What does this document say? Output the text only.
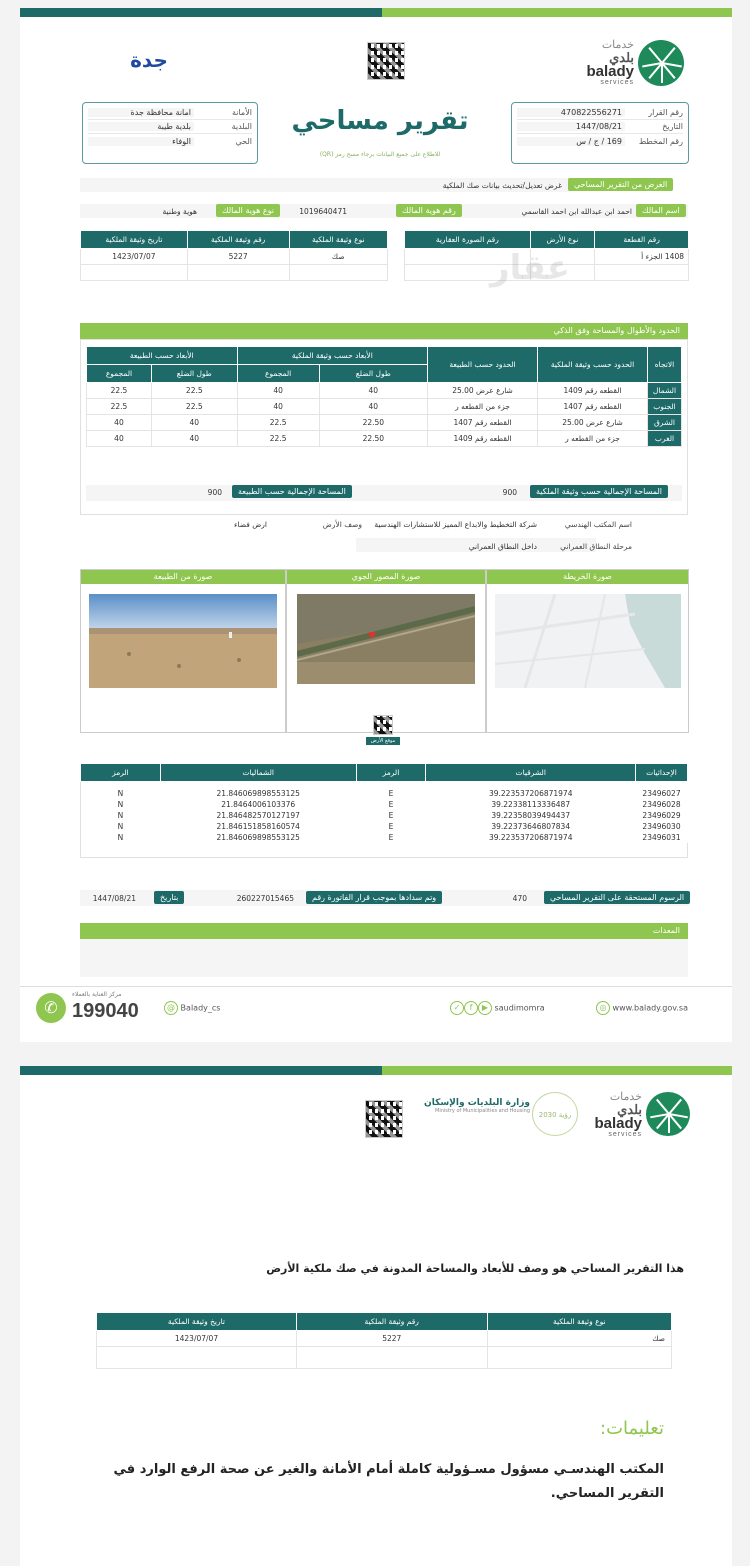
خدمات
بلدي
balady
services
جدة
رقم القرار
470822556271
التاريخ
1447/08/21
رقم المخطط
169 / ج / س
تقرير مساحي
للاطلاع على جميع البيانات برجاء مسح رمز (QR)
الأمانة
امانة محافظة جدة
البلدية
بلدية طيبة
الحي
الوفاء
الغرض من التقرير المساحي
غرض تعديل/تحديث بيانات صك الملكية
اسم المالك
احمد ابن عبدالله ابن احمد القاسمي
رقم هوية المالك
1019640471
نوع هوية المالك
هوية وطنية
رقم القطعة	نوع الأرض	رقم الصورة العقارية
1408 الجزء أ		

عقار
نوع وثيقة الملكية	رقم وثيقة الملكية	تاريخ وثيقة الملكية
صك	5227	1423/07/07

الحدود والأطوال والمساحة وفق الذكي
الاتجاه	الحدود حسب وثيقة الملكية	الحدود حسب الطبيعة	الأبعاد حسب وثيقة الملكية		الأبعاد حسب الطبيعة	
			طول الضلع	المجموع	طول الضلع	المجموع
الشمال	القطعه رقم 1409	شارع عرض 25.00	40	40	22.5	22.5
الجنوب	القطعه رقم 1407	جزء من القطعه ر	40	40	22.5	22.5
الشرق	شارع عرض 25.00	القطعه رقم 1407	22.50	22.5	40	40
الغرب	جزء من القطعه ر	القطعه رقم 1409	22.50	22.5	40	40
المساحة الإجمالية حسب وثيقة الملكية
900
المساحة الإجمالية حسب الطبيعة
900
اسم المكتب الهندسي
شركة التخطيط والابداع المميز للاستشارات الهندسية
وصف الأرض
ارض فضاء
مرحلة النطاق العمراني
داخل النطاق العمراني
صورة الخريطة
صورة المصور الجوي
صورة من الطبيعة
موقع الأرض
الإحداثيات	الشرقيات	الرمز	الشماليات	الرمز

23496027	39.223537206871974	E	21.846069898553125	N
23496028	39.22338113336487	E	21.8464006103376	N
23496029	39.22358039494437	E	21.846482570127197	N
23496030	39.22373646807834	E	21.846151858160574	N
23496031	39.223537206871974	E	21.846069898553125	N
الرسوم المستحقة على التقرير المساحي
470
وتم سدادها بموجب قرار الفاتورة رقم
260227015465
بتاريخ
1447/08/21
المعدات
◎ www.balady.gov.sa
✓ f ▶ saudimomra
@ Balady_cs
✆
مركز العناية بالعملاء
199040
خدمات
بلدي
balady
services
رؤية 2030
وزارة البلديات والإسكان
Ministry of Municipalities and Housing
هذا التقرير المساحي هو وصف للأبعاد والمساحة المدونة في صك ملكية الأرض
نوع وثيقة الملكية	رقم وثيقة الملكية	تاريخ وثيقة الملكية
صك	5227	1423/07/07

تعليمات:
المكتب الهندسـي مسؤول مسـؤولية كاملة أمام الأمانة والغير عن صحة الرفع الوارد في التقرير المساحي.
